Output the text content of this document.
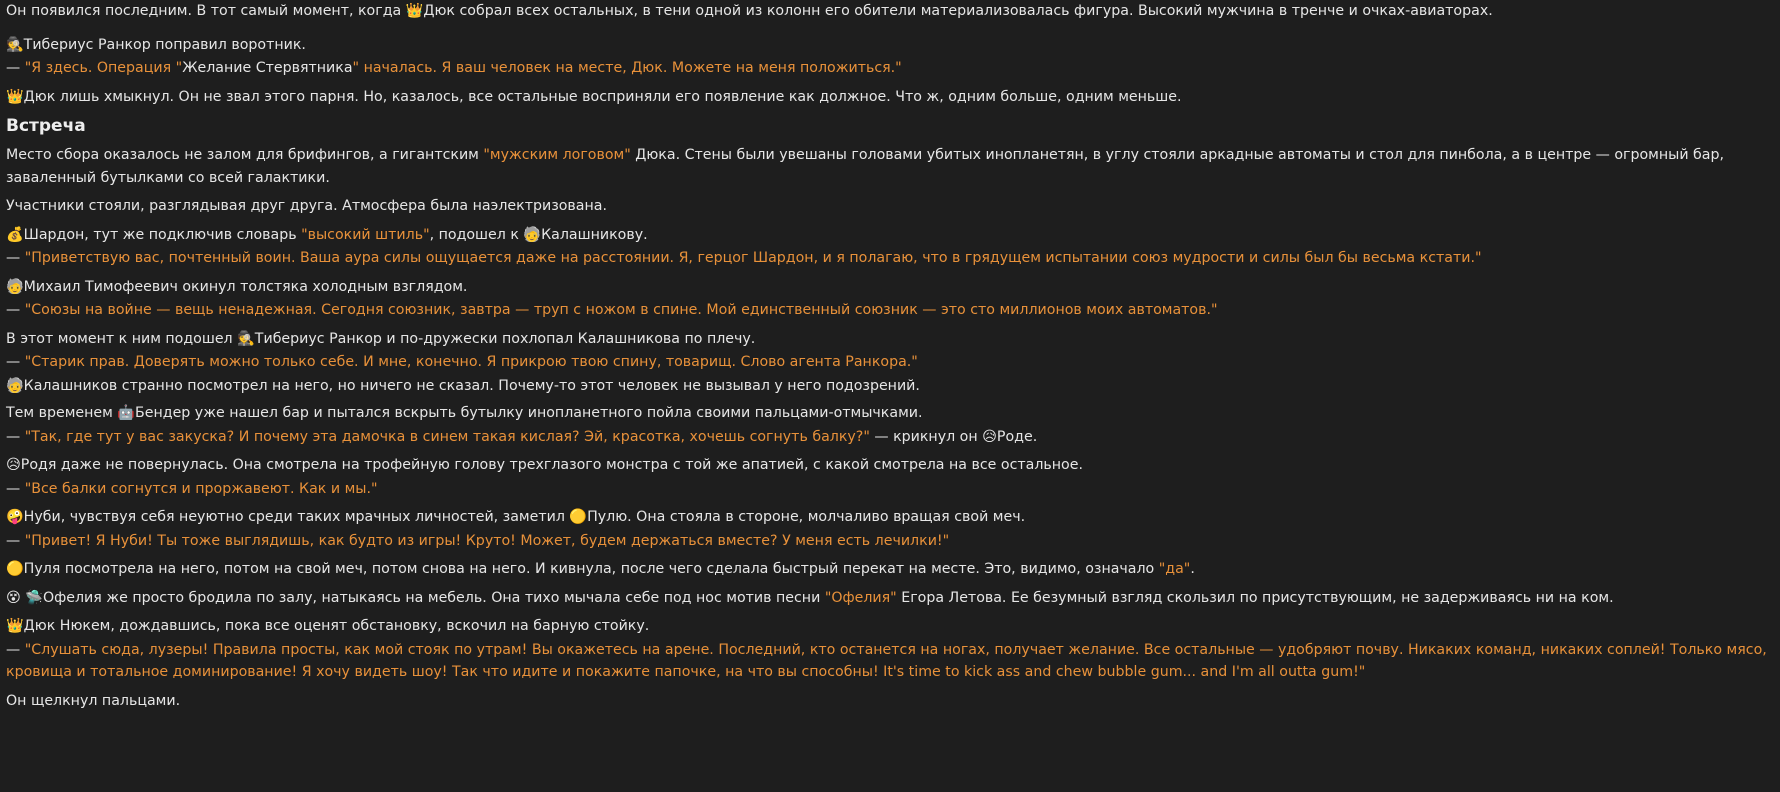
Он появился последним. В тот самый момент, когда 👑Дюк собрал всех остальных, в тени одной из колонн его обители материализовалась фигура. Высокий мужчина в тренче и очках-авиаторах.

🕵️Тибериус Ранкор поправил воротник.

— "Я здесь. Операция "Желание Стервятника" началась. Я ваш человек на месте, Дюк. Можете на меня положиться."

👑Дюк лишь хмыкнул. Он не звал этого парня. Но, казалось, все остальные восприняли его появление как должное. Что ж, одним больше, одним меньше.

Встреча

Место сбора оказалось не залом для брифингов, а гигантским "мужским логовом" Дюка. Стены были увешаны головами убитых инопланетян, в углу стояли аркадные автоматы и стол для пинбола, а в центре — огромный бар, заваленный бутылками со всей галактики.

Участники стояли, разглядывая друг друга. Атмосфера была наэлектризована.

💰Шардон, тут же подключив словарь "высокий штиль", подошел к 🧓Калашникову.

— "Приветствую вас, почтенный воин. Ваша аура силы ощущается даже на расстоянии. Я, герцог Шардон, и я полагаю, что в грядущем испытании союз мудрости и силы был бы весьма кстати."

🧓Михаил Тимофеевич окинул толстяка холодным взглядом.

— "Союзы на войне — вещь ненадежная. Сегодня союзник, завтра — труп с ножом в спине. Мой единственный союзник — это сто миллионов моих автоматов."

В этот момент к ним подошел 🕵️Тибериус Ранкор и по-дружески похлопал Калашникова по плечу.

— "Старик прав. Доверять можно только себе. И мне, конечно. Я прикрою твою спину, товарищ. Слово агента Ранкора."

🧓Калашников странно посмотрел на него, но ничего не сказал. Почему-то этот человек не вызывал у него подозрений.

Тем временем 🤖Бендер уже нашел бар и пытался вскрыть бутылку инопланетного пойла своими пальцами-отмычками.

— "Так, где тут у вас закуска? И почему эта дамочка в синем такая кислая? Эй, красотка, хочешь согнуть балку?" — крикнул он 😥Роде.

😥Родя даже не повернулась. Она смотрела на трофейную голову трехглазого монстра с той же апатией, с какой смотрела на все остальное.

— "Все балки согнутся и проржавеют. Как и мы."

🤪Нуби, чувствуя себя неуютно среди таких мрачных личностей, заметил 🟡Пулю. Она стояла в стороне, молчаливо вращая свой меч.

— "Привет! Я Нуби! Ты тоже выглядишь, как будто из игры! Круто! Может, будем держаться вместе? У меня есть лечилки!"

🟡Пуля посмотрела на него, потом на свой меч, потом снова на него. И кивнула, после чего сделала быстрый перекат на месте. Это, видимо, означало "да".

😵 🛸Офелия же просто бродила по залу, натыкаясь на мебель. Она тихо мычала себе под нос мотив песни "Офелия" Егора Летова. Ее безумный взгляд скользил по присутствующим, не задерживаясь ни на ком.

👑Дюк Нюкем, дождавшись, пока все оценят обстановку, вскочил на барную стойку.

— "Слушать сюда, лузеры! Правила просты, как мой стояк по утрам! Вы окажетесь на арене. Последний, кто останется на ногах, получает желание. Все остальные — удобряют почву. Никаких команд, никаких соплей! Только мясо, кровища и тотальное доминирование! Я хочу видеть шоу! Так что идите и покажите папочке, на что вы способны! It's time to kick ass and chew bubble gum... and I'm all outta gum!"

Он щелкнул пальцами.
